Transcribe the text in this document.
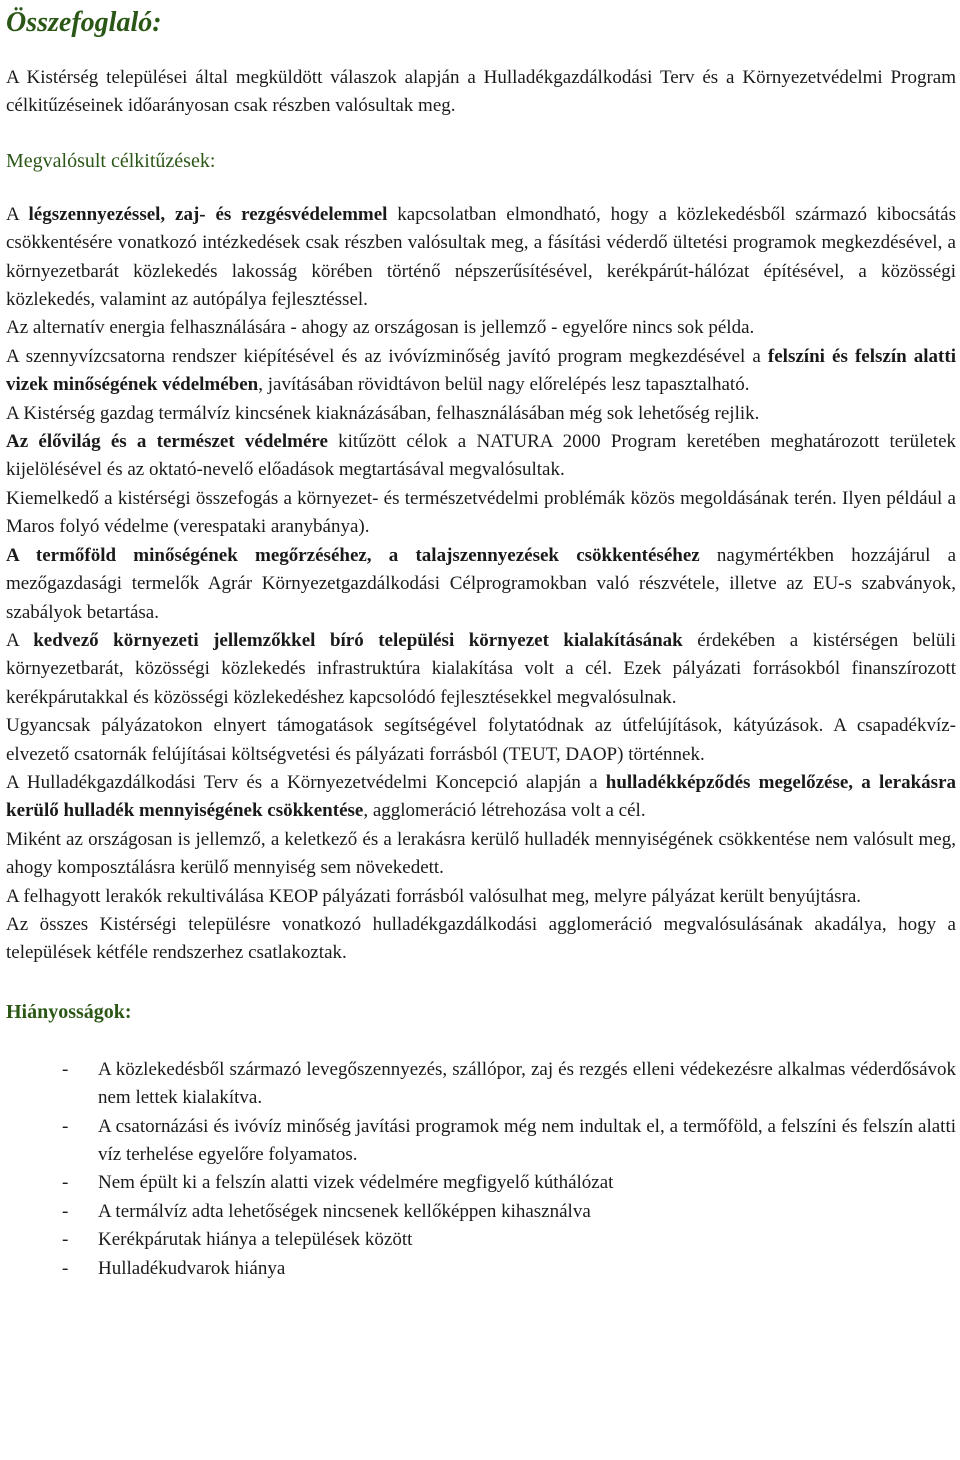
Összefoglaló:

A Kistérség települései által megküldött válaszok alapján a Hulladékgazdálkodási Terv és a Környezetvédelmi Program célkitűzéseinek időarányosan csak részben valósultak meg.

Megvalósult célkitűzések:

A légszennyezéssel, zaj- és rezgésvédelemmel kapcsolatban elmondható, hogy a közlekedésből származó kibocsátás csökkentésére vonatkozó intézkedések csak részben valósultak meg, a fásítási véderdő ültetési programok megkezdésével, a környezetbarát közlekedés lakosság körében történő népszerűsítésével, kerékpárút-hálózat építésével, a közösségi közlekedés, valamint az autópálya fejlesztéssel.

Az alternatív energia felhasználására - ahogy az országosan is jellemző - egyelőre nincs sok példa.

A szennyvízcsatorna rendszer kiépítésével és az ivóvízminőség javító program megkezdésével a felszíni és felszín alatti vizek minőségének védelmében, javításában rövidtávon belül nagy előrelépés lesz tapasztalható.

A Kistérség gazdag termálvíz kincsének kiaknázásában, felhasználásában még sok lehetőség rejlik.

Az élővilág és a természet védelmére kitűzött célok a NATURA 2000 Program keretében meghatározott területek kijelölésével és az oktató-nevelő előadások megtartásával megvalósultak.

Kiemelkedő a kistérségi összefogás a környezet- és természetvédelmi problémák közös megoldásának terén. Ilyen például a Maros folyó védelme (verespataki aranybánya).

A termőföld minőségének megőrzéséhez, a talajszennyezések csökkentéséhez nagymértékben hozzájárul a mezőgazdasági termelők Agrár Környezetgazdálkodási Célprogramokban való részvétele, illetve az EU-s szabványok, szabályok betartása.

A kedvező környezeti jellemzőkkel bíró települési környezet kialakításának érdekében a kistérségen belüli környezetbarát, közösségi közlekedés infrastruktúra kialakítása volt a cél. Ezek pályázati forrásokból finanszírozott kerékpárutakkal és közösségi közlekedéshez kapcsolódó fejlesztésekkel megvalósulnak.

Ugyancsak pályázatokon elnyert támogatások segítségével folytatódnak az útfelújítások, kátyúzások. A csapadékvíz-elvezető csatornák felújításai költségvetési és pályázati forrásból (TEUT, DAOP) történnek.

A Hulladékgazdálkodási Terv és a Környezetvédelmi Koncepció alapján a hulladékképződés megelőzése, a lerakásra kerülő hulladék mennyiségének csökkentése, agglomeráció létrehozása volt a cél.

Miként az országosan is jellemző, a keletkező és a lerakásra kerülő hulladék mennyiségének csökkentése nem valósult meg, ahogy komposztálásra kerülő mennyiség sem növekedett.

A felhagyott lerakók rekultiválása KEOP pályázati forrásból valósulhat meg, melyre pályázat került benyújtásra.

Az összes Kistérségi településre vonatkozó hulladékgazdálkodási agglomeráció megvalósulásának akadálya, hogy a települések kétféle rendszerhez csatlakoztak.

Hiányosságok:
- A közlekedésből származó levegőszennyezés, szállópor, zaj és rezgés elleni védekezésre alkalmas véderdősávok nem lettek kialakítva.
- A csatornázási és ivóvíz minőség javítási programok még nem indultak el, a termőföld, a felszíni és felszín alatti víz terhelése egyelőre folyamatos.
- Nem épült ki a felszín alatti vizek védelmére megfigyelő kúthálózat
- A termálvíz adta lehetőségek nincsenek kellőképpen kihasználva
- Kerékpárutak hiánya a települések között
- Hulladékudvarok hiánya
